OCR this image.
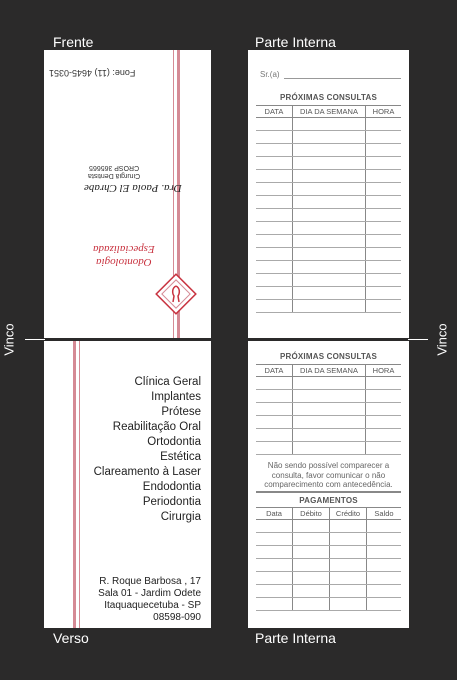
Frente	Parte Interna
Verso	Parte Interna
Vinco	Vinco
Fone: (11) 4645-0351
Cirurgiã Dentista
CROSP 365665
Dra. Paola El Chrabe
Odontologia
Especializada
Clínica Geral
Implantes
Prótese
Reabilitação Oral
Ortodontia
Estética
Clareamento à Laser
Endodontia
Periodontia
Cirurgia
R. Roque Barbosa , 17
Sala 01 - Jardim Odete
Itaquaquecetuba - SP
08598-090
Sr.(a)
PRÓXIMAS CONSULTAS
DATA	DIA DA SEMANA	HORA

PRÓXIMAS CONSULTAS
DATA	DIA DA SEMANA	HORA

Não sendo possível comparecer a consulta, favor comunicar o não comparecimento com antecedência.
PAGAMENTOS
Data	Débito	Crédito	Saldo
